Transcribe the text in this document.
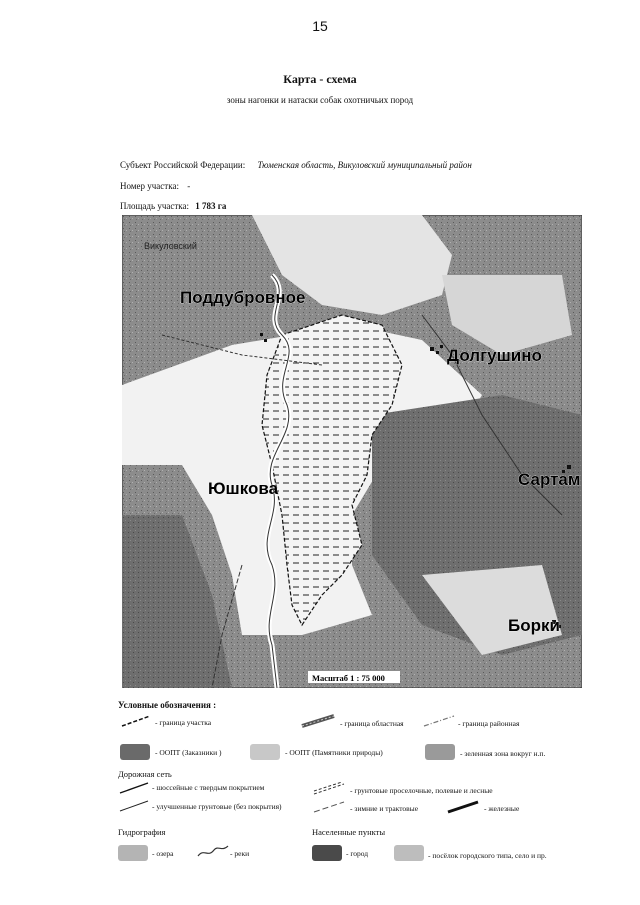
15
Карта - схема
зоны нагонки и натаски собак охотничьих пород
Субъект Российской Федерации: Тюменская область, Викуловский муниципальный район
Номер участка: -
Площадь участка: 1 783 га
Викуловский
Поддубровное
Долгушино
Юшкова	Сартам
Борки
Масштаб 1 : 75 000
Условные обозначения :
- граница участка	- граница областная	- граница районная
- ООПТ (Заказники )	- ООПТ (Памятники природы)	- зеленная зона вокруг н.п.
Дорожная сеть
- шоссейные с твердым покрытием	- грунтовые проселочные, полевые и лесные
- улучшенные грунтовые (без покрытия)	- зимние и трактовые	- железные
Гидрография
- озера	- реки
Населенные пункты
- город	- посёлок городского типа, село и пр.
